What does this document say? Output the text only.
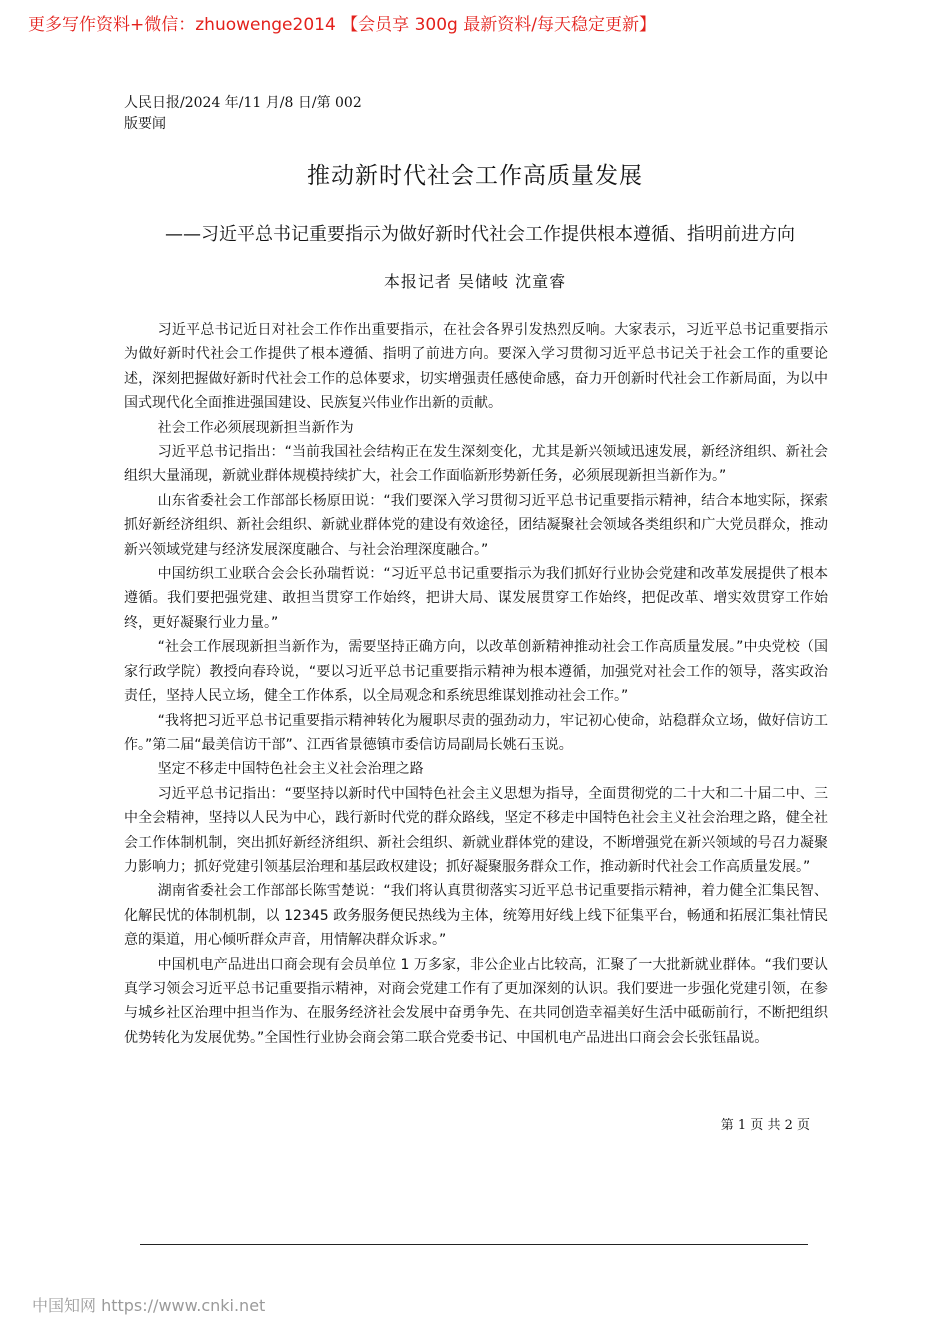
更多写作资料+微信：zhuowenge2014 【会员享 300g 最新资料/每天稳定更新】
人民日报/2024 年/11 月/8 日/第 002
版要闻
推动新时代社会工作高质量发展
——习近平总书记重要指示为做好新时代社会工作提供根本遵循、指明前进方向
本报记者 吴储岐 沈童睿

习近平总书记近日对社会工作作出重要指示，在社会各界引发热烈反响。大家表示，习近平总书记重要指示为做好新时代社会工作提供了根本遵循、指明了前进方向。要深入学习贯彻习近平总书记关于社会工作的重要论述，深刻把握做好新时代社会工作的总体要求，切实增强责任感使命感，奋力开创新时代社会工作新局面，为以中国式现代化全面推进强国建设、民族复兴伟业作出新的贡献。

社会工作必须展现新担当新作为

习近平总书记指出：“当前我国社会结构正在发生深刻变化，尤其是新兴领域迅速发展，新经济组织、新社会组织大量涌现，新就业群体规模持续扩大，社会工作面临新形势新任务，必须展现新担当新作为。”

山东省委社会工作部部长杨原田说：“我们要深入学习贯彻习近平总书记重要指示精神，结合本地实际，探索抓好新经济组织、新社会组织、新就业群体党的建设有效途径，团结凝聚社会领域各类组织和广大党员群众，推动新兴领域党建与经济发展深度融合、与社会治理深度融合。”

中国纺织工业联合会会长孙瑞哲说：“习近平总书记重要指示为我们抓好行业协会党建和改革发展提供了根本遵循。我们要把强党建、敢担当贯穿工作始终，把讲大局、谋发展贯穿工作始终，把促改革、增实效贯穿工作始终，更好凝聚行业力量。”

“社会工作展现新担当新作为，需要坚持正确方向，以改革创新精神推动社会工作高质量发展。”中央党校（国家行政学院）教授向春玲说，“要以习近平总书记重要指示精神为根本遵循，加强党对社会工作的领导，落实政治责任，坚持人民立场，健全工作体系，以全局观念和系统思维谋划推动社会工作。”

“我将把习近平总书记重要指示精神转化为履职尽责的强劲动力，牢记初心使命，站稳群众立场，做好信访工作。”第二届“最美信访干部”、江西省景德镇市委信访局副局长姚石玉说。

坚定不移走中国特色社会主义社会治理之路

习近平总书记指出：“要坚持以新时代中国特色社会主义思想为指导，全面贯彻党的二十大和二十届二中、三中全会精神，坚持以人民为中心，践行新时代党的群众路线，坚定不移走中国特色社会主义社会治理之路，健全社会工作体制机制，突出抓好新经济组织、新社会组织、新就业群体党的建设，不断增强党在新兴领域的号召力凝聚力影响力；抓好党建引领基层治理和基层政权建设；抓好凝聚服务群众工作，推动新时代社会工作高质量发展。”

湖南省委社会工作部部长陈雪楚说：“我们将认真贯彻落实习近平总书记重要指示精神，着力健全汇集民智、化解民忧的体制机制，以 12345 政务服务便民热线为主体，统筹用好线上线下征集平台，畅通和拓展汇集社情民意的渠道，用心倾听群众声音，用情解决群众诉求。”

中国机电产品进出口商会现有会员单位 1 万多家，非公企业占比较高，汇聚了一大批新就业群体。“我们要认真学习领会习近平总书记重要指示精神，对商会党建工作有了更加深刻的认识。我们要进一步强化党建引领，在参与城乡社区治理中担当作为、在服务经济社会发展中奋勇争先、在共同创造幸福美好生活中砥砺前行，不断把组织优势转化为发展优势。”全国性行业协会商会第二联合党委书记、中国机电产品进出口商会会长张钰晶说。

第 1 页 共 2 页
中国知网 https://www.cnki.net
